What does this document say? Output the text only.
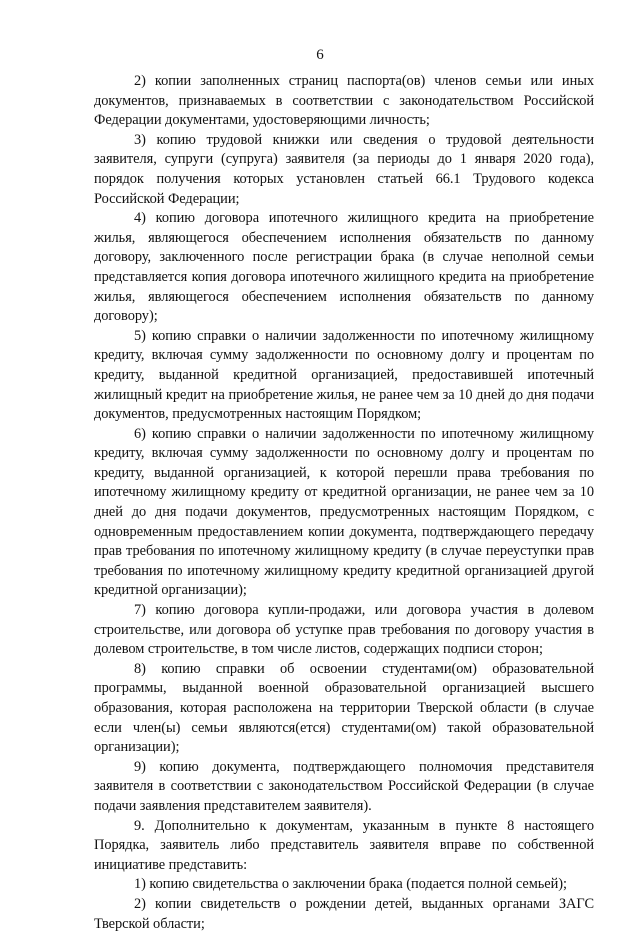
6

2) копии заполненных страниц паспорта(ов) членов семьи или иных документов, признаваемых в соответствии с законодательством Российской Федерации документами, удостоверяющими личность;

3) копию трудовой книжки или сведения о трудовой деятельности заявителя, супруги (супруга) заявителя (за периоды до 1 января 2020 года), порядок получения которых установлен статьей 66.1 Трудового кодекса Российской Федерации;

4) копию договора ипотечного жилищного кредита на приобретение жилья, являющегося обеспечением исполнения обязательств по данному договору, заключенного после регистрации брака (в случае неполной семьи представляется копия договора ипотечного жилищного кредита на приобретение жилья, являющегося обеспечением исполнения обязательств по данному договору);

5) копию справки о наличии задолженности по ипотечному жилищному кредиту, включая сумму задолженности по основному долгу и процентам по кредиту, выданной кредитной организацией, предоставившей ипотечный жилищный кредит на приобретение жилья, не ранее чем за 10 дней до дня подачи документов, предусмотренных настоящим Порядком;

6) копию справки о наличии задолженности по ипотечному жилищному кредиту, включая сумму задолженности по основному долгу и процентам по кредиту, выданной организацией, к которой перешли права требования по ипотечному жилищному кредиту от кредитной организации, не ранее чем за 10 дней до дня подачи документов, предусмотренных настоящим Порядком, с одновременным предоставлением копии документа, подтверждающего передачу прав требования по ипотечному жилищному кредиту (в случае переуступки прав требования по ипотечному жилищному кредиту кредитной организацией другой кредитной организации);

7) копию договора купли-продажи, или договора участия в долевом строительстве, или договора об уступке прав требования по договору участия в долевом строительстве, в том числе листов, содержащих подписи сторон;

8) копию справки об освоении студентами(ом) образовательной программы, выданной военной образовательной организацией высшего образования, которая расположена на территории Тверской области (в случае если член(ы) семьи являются(ется) студентами(ом) такой образовательной организации);

9) копию документа, подтверждающего полномочия представителя заявителя в соответствии с законодательством Российской Федерации (в случае подачи заявления представителем заявителя).

9. Дополнительно к документам, указанным в пункте 8 настоящего Порядка, заявитель либо представитель заявителя вправе по собственной инициативе представить:

1) копию свидетельства о заключении брака (подается полной семьей);

2) копии свидетельств о рождении детей, выданных органами ЗАГС Тверской области;
